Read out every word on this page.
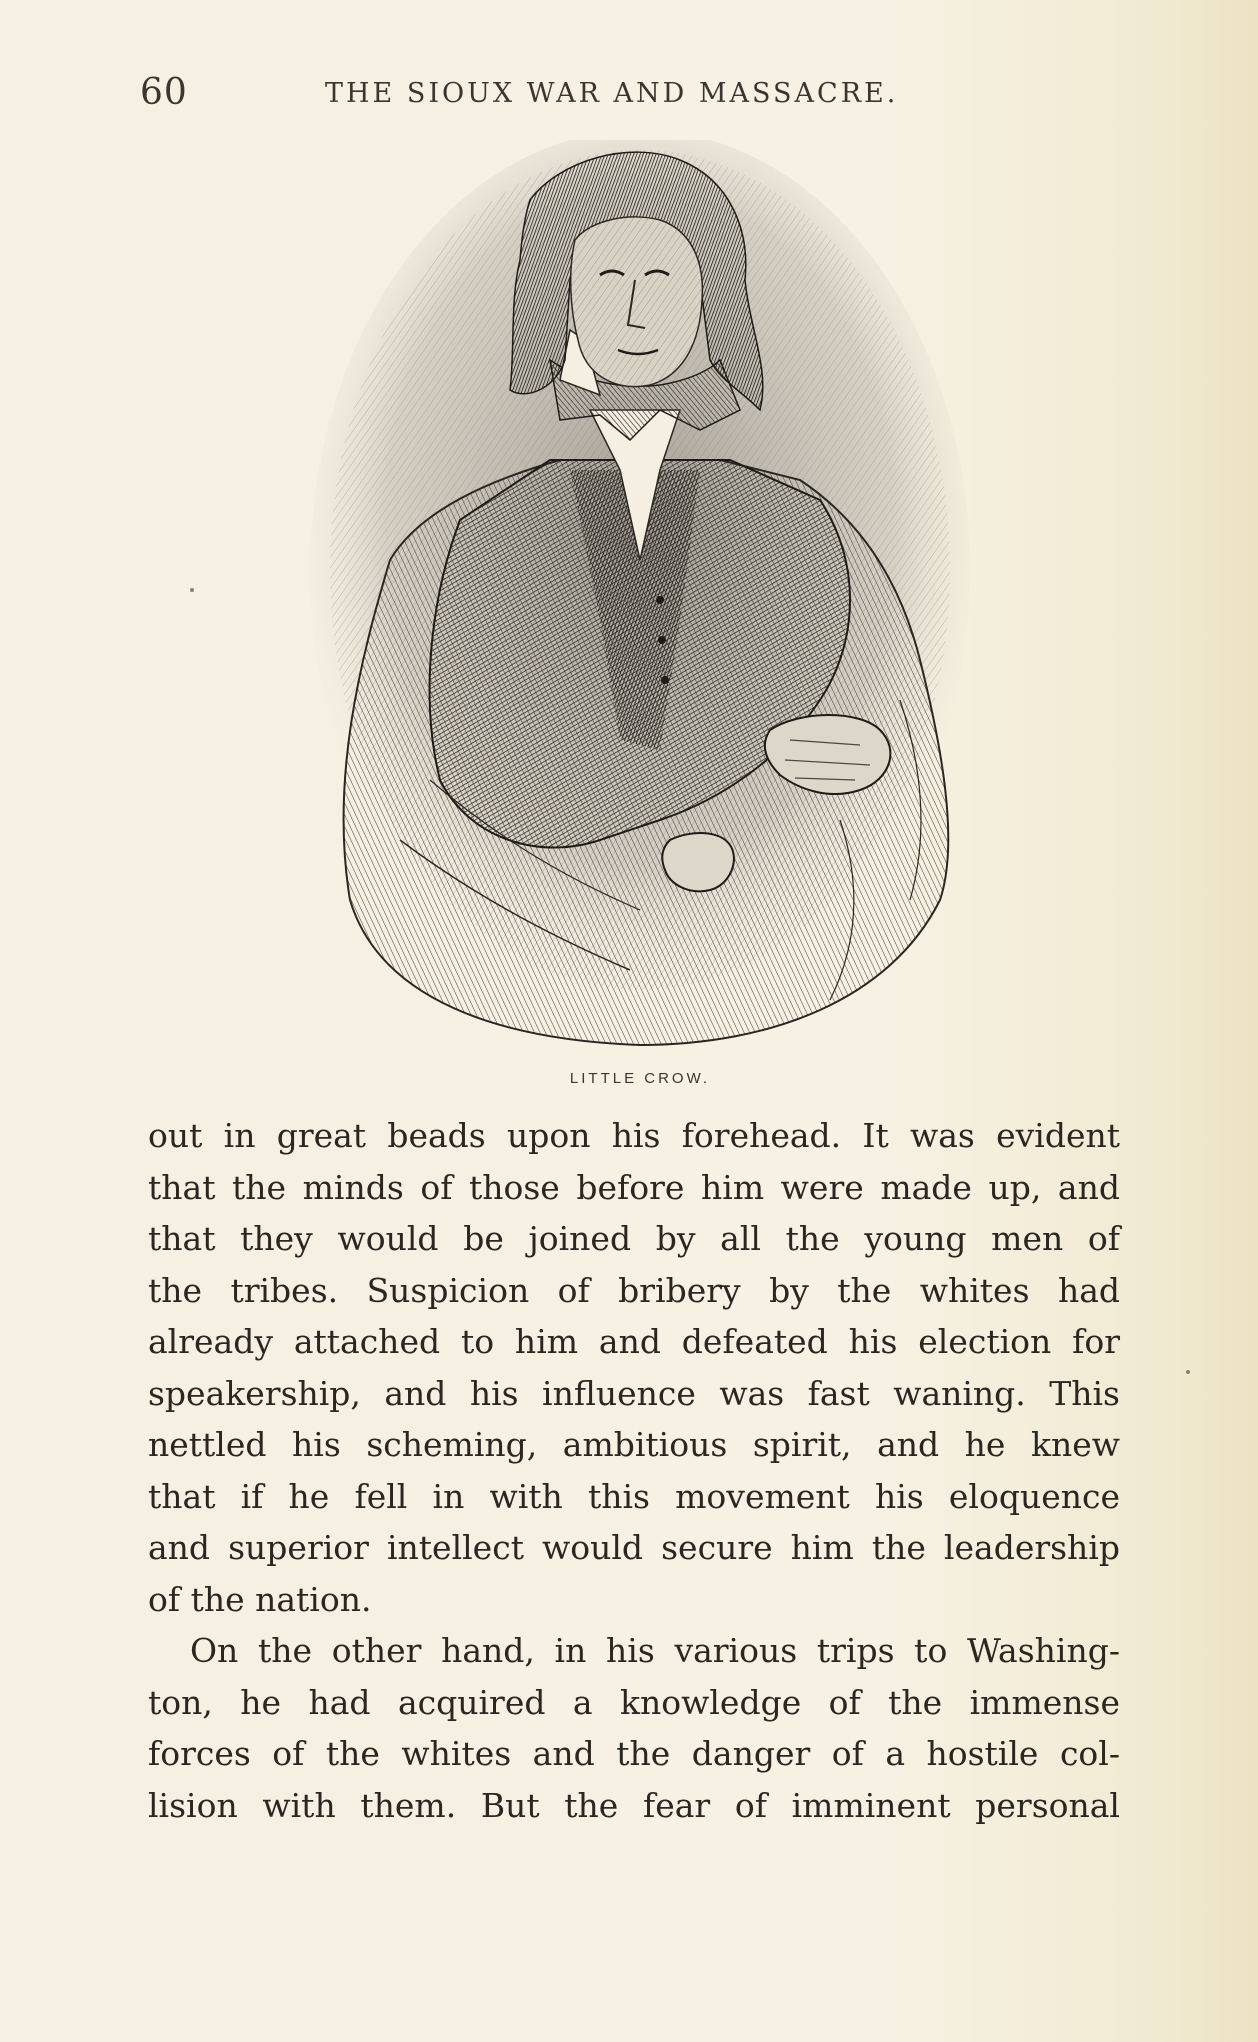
60	THE SIOUX WAR AND MASSACRE.
LITTLE CROW.
out in great beads upon his forehead. It was evident
that the minds of those before him were made up, and
that they would be joined by all the young men of
the tribes. Suspicion of bribery by the whites had
already attached to him and defeated his election for
speakership, and his influence was fast waning. This
nettled his scheming, ambitious spirit, and he knew
that if he fell in with this movement his eloquence
and superior intellect would secure him the leadership
of the nation.
On the other hand, in his various trips to Washing-
ton, he had acquired a knowledge of the immense
forces of the whites and the danger of a hostile col-
lision with them. But the fear of imminent personal
